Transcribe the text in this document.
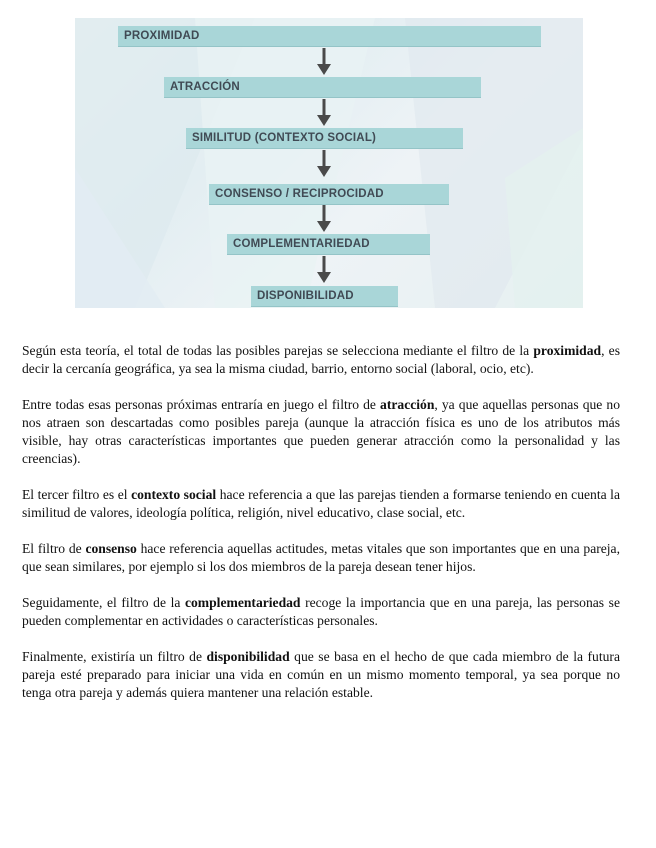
PROXIMIDAD
ATRACCIÓN
SIMILITUD (CONTEXTO SOCIAL)
CONSENSO / RECIPROCIDAD
COMPLEMENTARIEDAD
DISPONIBILIDAD

Según esta teoría, el total de todas las posibles parejas se selecciona mediante el filtro de la proximidad, es decir la cercanía geográfica, ya sea la misma ciudad, barrio, entorno social (laboral, ocio, etc).

Entre todas esas personas próximas entraría en juego el filtro de atracción, ya que aquellas personas que no nos atraen son descartadas como posibles pareja (aunque la atracción física es uno de los atributos más visible, hay otras características importantes que pueden generar atracción como la personalidad y las creencias).

El tercer filtro es el contexto social hace referencia a que las parejas tienden a formarse teniendo en cuenta la similitud de valores, ideología política, religión, nivel educativo, clase social, etc.

El filtro de consenso hace referencia aquellas actitudes, metas vitales que son importantes que en una pareja, que sean similares, por ejemplo si los dos miembros de la pareja desean tener hijos.

Seguidamente, el filtro de la complementariedad recoge la importancia que en una pareja, las personas se pueden complementar en actividades o características personales.

Finalmente, existiría un filtro de disponibilidad que se basa en el hecho de que cada miembro de la futura pareja esté preparado para iniciar una vida en común en un mismo momento temporal, ya sea porque no tenga otra pareja y además quiera mantener una relación estable.
